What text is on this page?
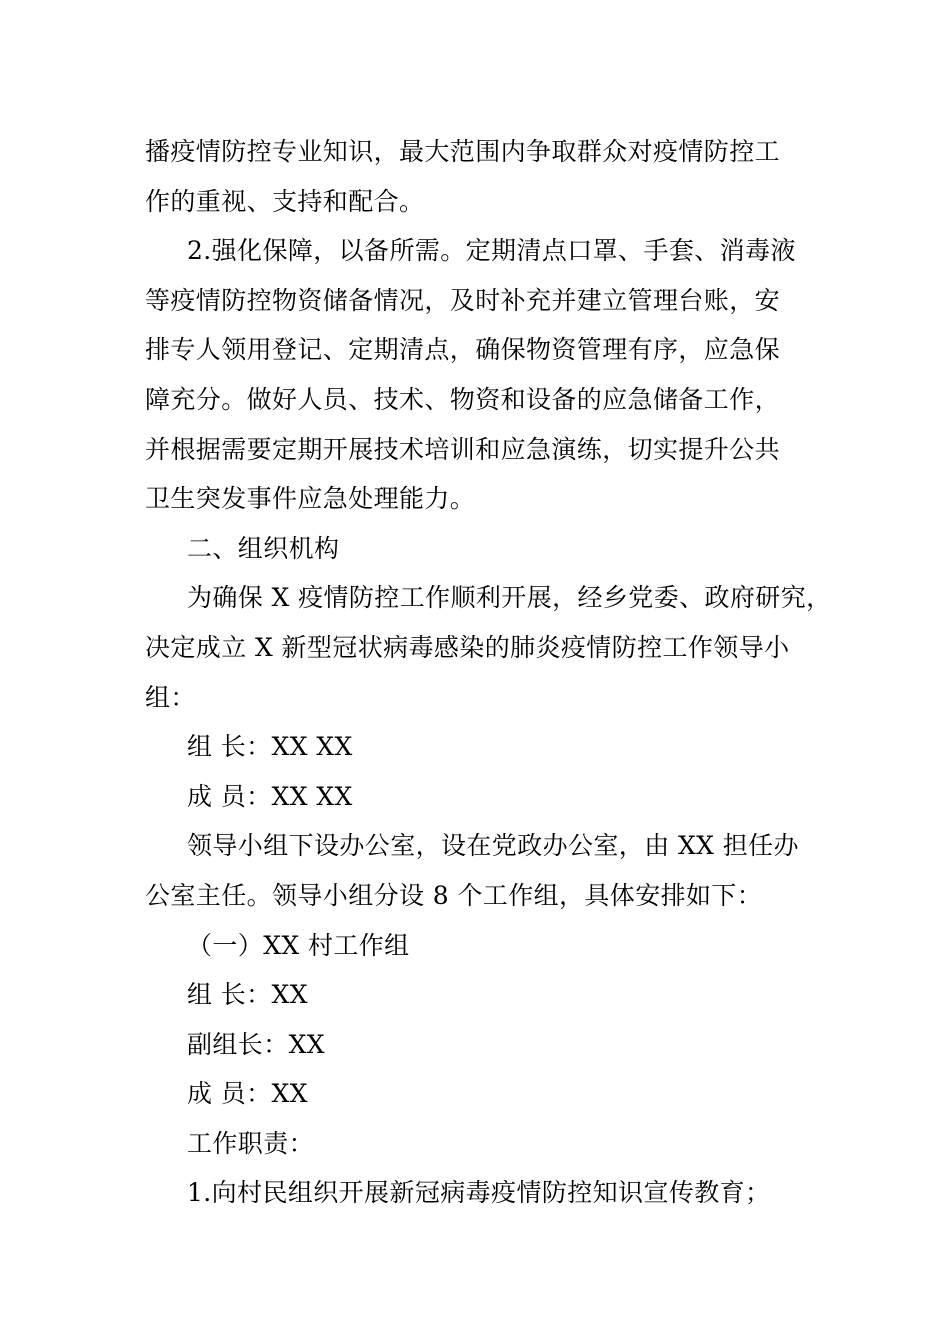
播疫情防控专业知识，最大范围内争取群众对疫情防控工

作的重视、支持和配合。

2.强化保障，以备所需。定期清点口罩、手套、消毒液

等疫情防控物资储备情况，及时补充并建立管理台账，安

排专人领用登记、定期清点，确保物资管理有序，应急保

障充分。做好人员、技术、物资和设备的应急储备工作，

并根据需要定期开展技术培训和应急演练，切实提升公共

卫生突发事件应急处理能力。

二、组织机构

为确保 X 疫情防控工作顺利开展，经乡党委、政府研究，

决定成立 X 新型冠状病毒感染的肺炎疫情防控工作领导小

组：

组 长：XX XX

成 员：XX XX

领导小组下设办公室，设在党政办公室，由 XX 担任办

公室主任。领导小组分设 8 个工作组，具体安排如下：

（一）XX 村工作组

组 长：XX

副组长：XX

成 员：XX

工作职责：

1.向村民组织开展新冠病毒疫情防控知识宣传教育；
